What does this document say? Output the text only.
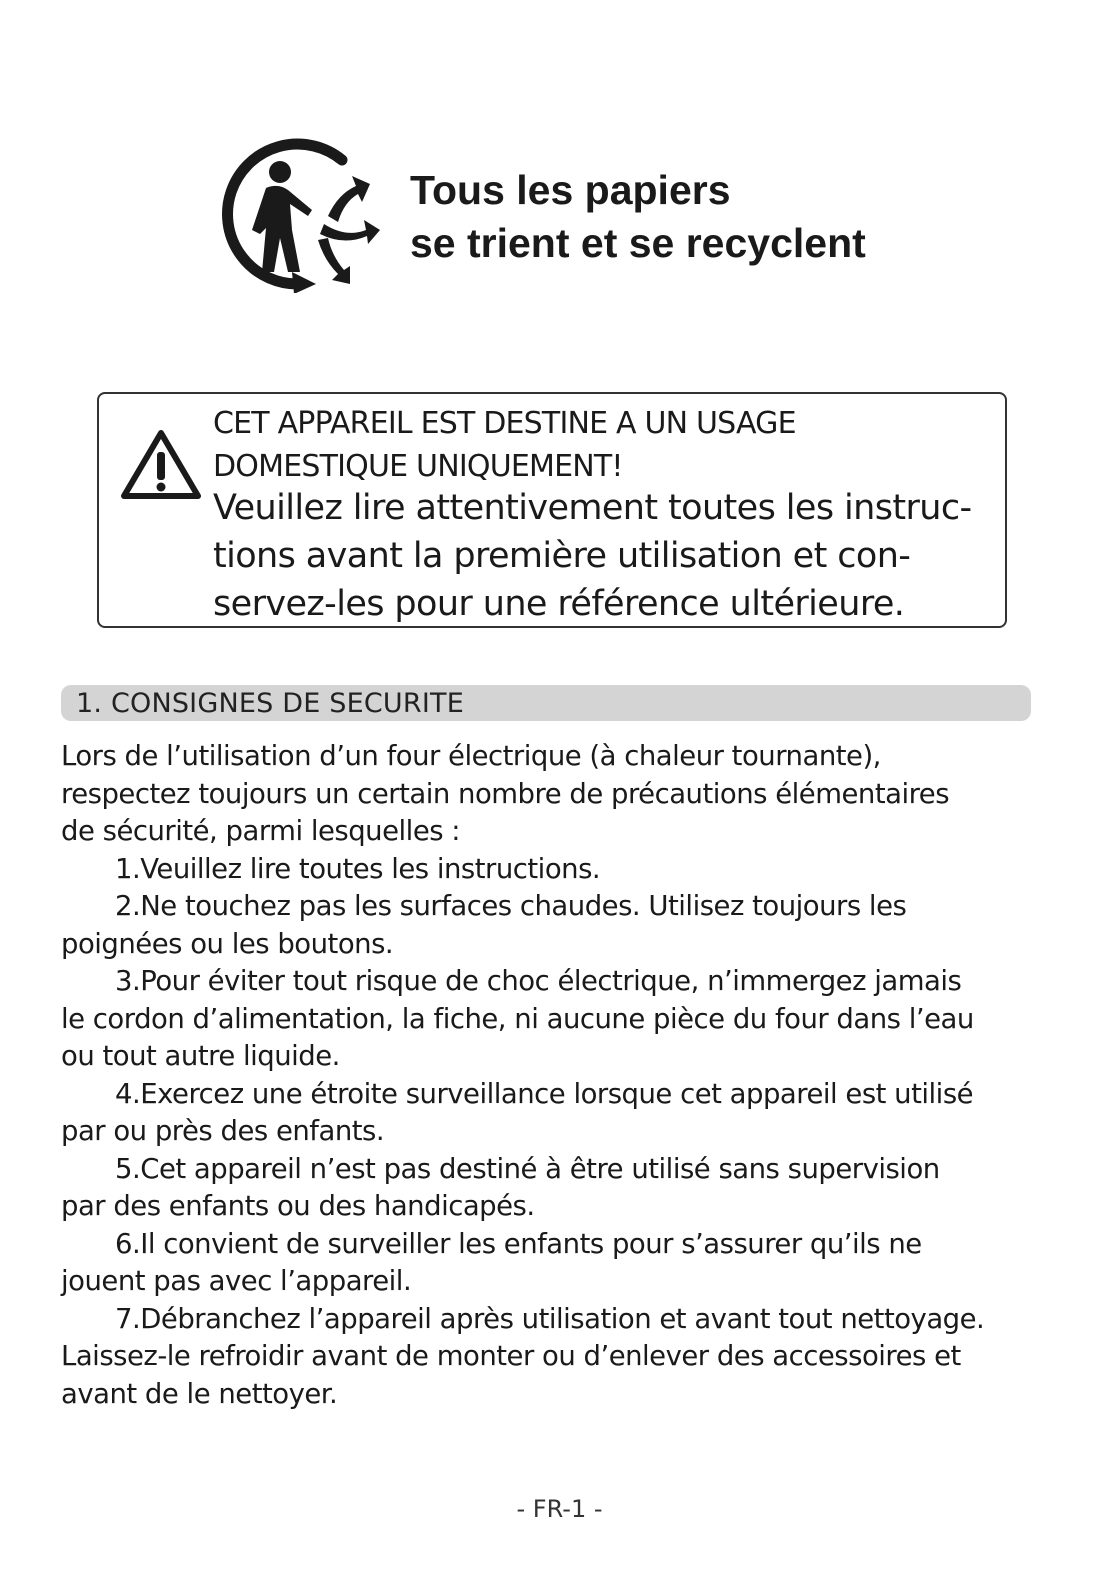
Tous les papiers
se trient et se recyclent
CET APPAREIL EST DESTINE A UN USAGE
DOMESTIQUE UNIQUEMENT!
Veuillez lire attentivement toutes les instruc-
tions avant la première utilisation et con-
servez-les pour une référence ultérieure.
1. CONSIGNES DE SECURITE
Lors de l’utilisation d’un four électrique (à chaleur tournante),
respectez toujours un certain nombre de précautions élémentaires
de sécurité, parmi lesquelles :
1.Veuillez lire toutes les instructions.
2.Ne touchez pas les surfaces chaudes. Utilisez toujours les
poignées ou les boutons.
3.Pour éviter tout risque de choc électrique, n’immergez jamais
le cordon d’alimentation, la fiche, ni aucune pièce du four dans l’eau
ou tout autre liquide.
4.Exercez une étroite surveillance lorsque cet appareil est utilisé
par ou près des enfants.
5.Cet appareil n’est pas destiné à être utilisé sans supervision
par des enfants ou des handicapés.
6.Il convient de surveiller les enfants pour s’assurer qu’ils ne
jouent pas avec l’appareil.
7.Débranchez l’appareil après utilisation et avant tout nettoyage.
Laissez-le refroidir avant de monter ou d’enlever des accessoires et
avant de le nettoyer.
- FR-1 -
